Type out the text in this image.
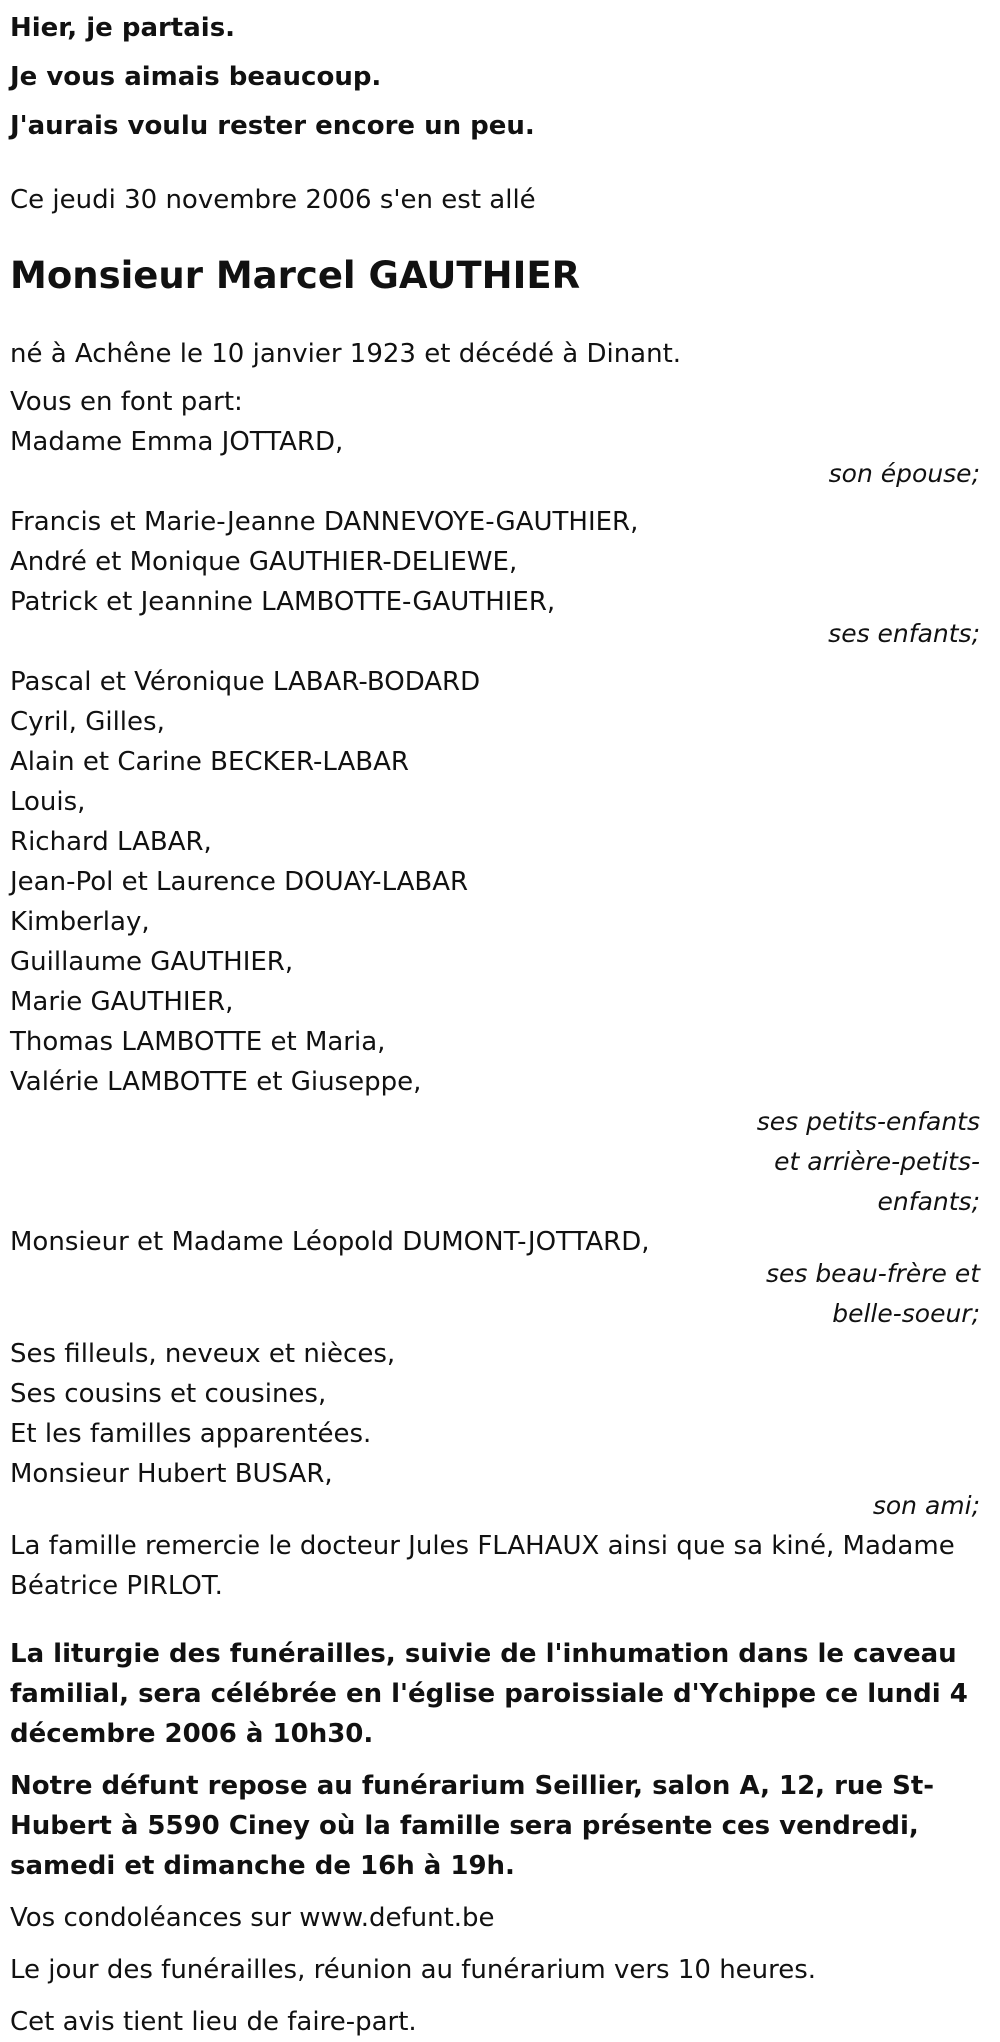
Hier, je partais.
Je vous aimais beaucoup.
J'aurais voulu rester encore un peu.
Ce jeudi 30 novembre 2006 s'en est allé
Monsieur Marcel GAUTHIER
né à Achêne le 10 janvier 1923 et décédé à Dinant.
Vous en font part:
Madame Emma JOTTARD,
son épouse;
Francis et Marie-Jeanne DANNEVOYE-GAUTHIER,
André et Monique GAUTHIER-DELIEWE,
Patrick et Jeannine LAMBOTTE-GAUTHIER,
ses enfants;
Pascal et Véronique LABAR-BODARD
Cyril, Gilles,
Alain et Carine BECKER-LABAR
Louis,
Richard LABAR,
Jean-Pol et Laurence DOUAY-LABAR
Kimberlay,
Guillaume GAUTHIER,
Marie GAUTHIER,
Thomas LAMBOTTE et Maria,
Valérie LAMBOTTE et Giuseppe,
ses petits-enfants
et arrière-petits-
enfants;
Monsieur et Madame Léopold DUMONT-JOTTARD,
ses beau-frère et
belle-soeur;
Ses filleuls, neveux et nièces,
Ses cousins et cousines,
Et les familles apparentées.
Monsieur Hubert BUSAR,
son ami;
La famille remercie le docteur Jules FLAHAUX ainsi que sa kiné, Madame Béatrice PIRLOT.
La liturgie des funérailles, suivie de l'inhumation dans le caveau familial, sera célébrée en l'église paroissiale d'Ychippe ce lundi 4 décembre 2006 à 10h30.
Notre défunt repose au funérarium Seillier, salon A, 12, rue St-Hubert à 5590 Ciney où la famille sera présente ces vendredi, samedi et dimanche de 16h à 19h.
Vos condoléances sur www.defunt.be
Le jour des funérailles, réunion au funérarium vers 10 heures.
Cet avis tient lieu de faire-part.
